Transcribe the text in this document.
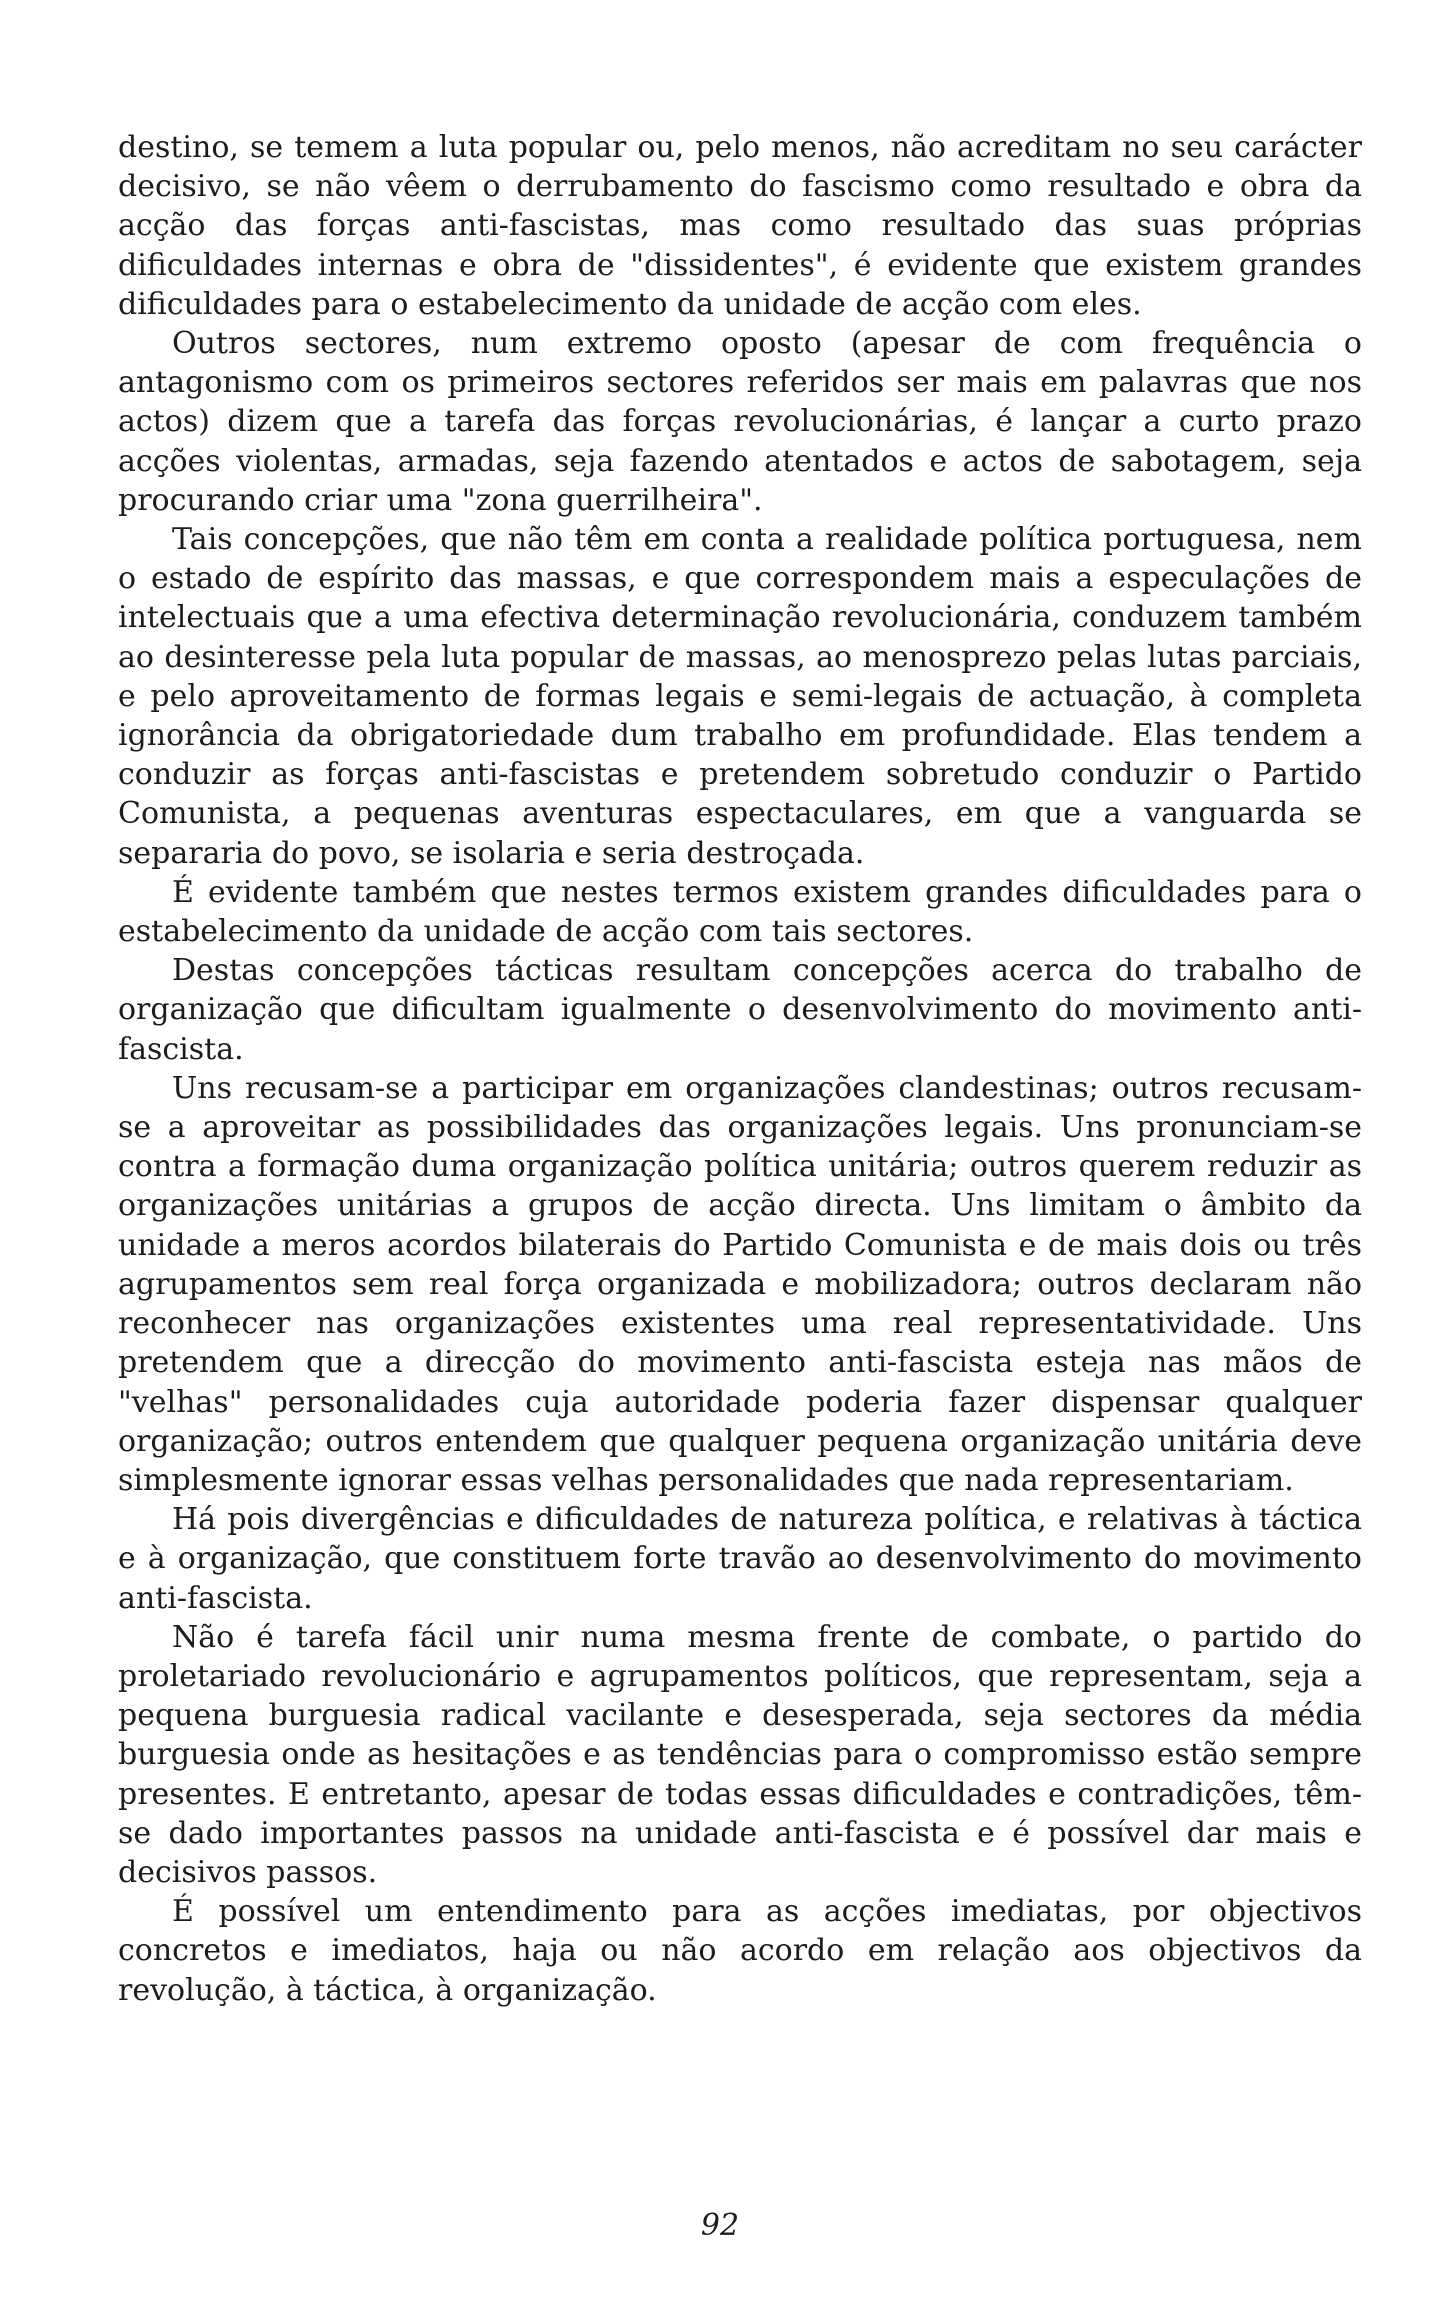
destino, se temem a luta popular ou, pelo menos, não acreditam no seu carácter decisivo, se não vêem o derrubamento do fascismo como resultado e obra da acção das forças anti-fascistas, mas como resultado das suas próprias dificuldades internas e obra de "dissidentes", é evidente que existem grandes dificuldades para o estabelecimento da unidade de acção com eles.

Outros sectores, num extremo oposto (apesar de com frequência o antagonismo com os primeiros sectores referidos ser mais em palavras que nos actos) dizem que a tarefa das forças revolucionárias, é lançar a curto prazo acções violentas, armadas, seja fazendo atentados e actos de sabotagem, seja procurando criar uma "zona guerrilheira".

Tais concepções, que não têm em conta a realidade política portuguesa, nem o estado de espírito das massas, e que correspondem mais a especulações de intelectuais que a uma efectiva determinação revolucionária, conduzem também ao desinteresse pela luta popular de massas, ao menosprezo pelas lutas parciais, e pelo aproveitamento de formas legais e semi-legais de actuação, à completa ignorância da obrigatoriedade dum trabalho em profundidade. Elas tendem a conduzir as forças anti-fascistas e pretendem sobretudo conduzir o Partido Comunista, a pequenas aventuras espectaculares, em que a vanguarda se separaria do povo, se isolaria e seria destroçada.

É evidente também que nestes termos existem grandes dificuldades para o estabelecimento da unidade de acção com tais sectores.

Destas concepções tácticas resultam concepções acerca do trabalho de organização que dificultam igualmente o desenvolvimento do movimento anti-fascista.

Uns recusam-se a participar em organizações clandestinas; outros recusam-se a aproveitar as possibilidades das organizações legais. Uns pronunciam-se contra a formação duma organização política unitária; outros querem reduzir as organizações unitárias a grupos de acção directa. Uns limitam o âmbito da unidade a meros acordos bilaterais do Partido Comunista e de mais dois ou três agrupamentos sem real força organizada e mobilizadora; outros declaram não reconhecer nas organizações existentes uma real representatividade. Uns pretendem que a direcção do movimento anti-fascista esteja nas mãos de "velhas" personalidades cuja autoridade poderia fazer dispensar qualquer organização; outros entendem que qualquer pequena organização unitária deve simplesmente ignorar essas velhas personalidades que nada representariam.

Há pois divergências e dificuldades de natureza política, e relativas à táctica e à organização, que constituem forte travão ao desenvolvimento do movimento anti-fascista.

Não é tarefa fácil unir numa mesma frente de combate, o partido do proletariado revolucionário e agrupamentos políticos, que representam, seja a pequena burguesia radical vacilante e desesperada, seja sectores da média burguesia onde as hesitações e as tendências para o compromisso estão sempre presentes. E entretanto, apesar de todas essas dificuldades e contradições, têm-se dado importantes passos na unidade anti-fascista e é possível dar mais e decisivos passos.

É possível um entendimento para as acções imediatas, por objectivos concretos e imediatos, haja ou não acordo em relação aos objectivos da revolução, à táctica, à organização.

92
